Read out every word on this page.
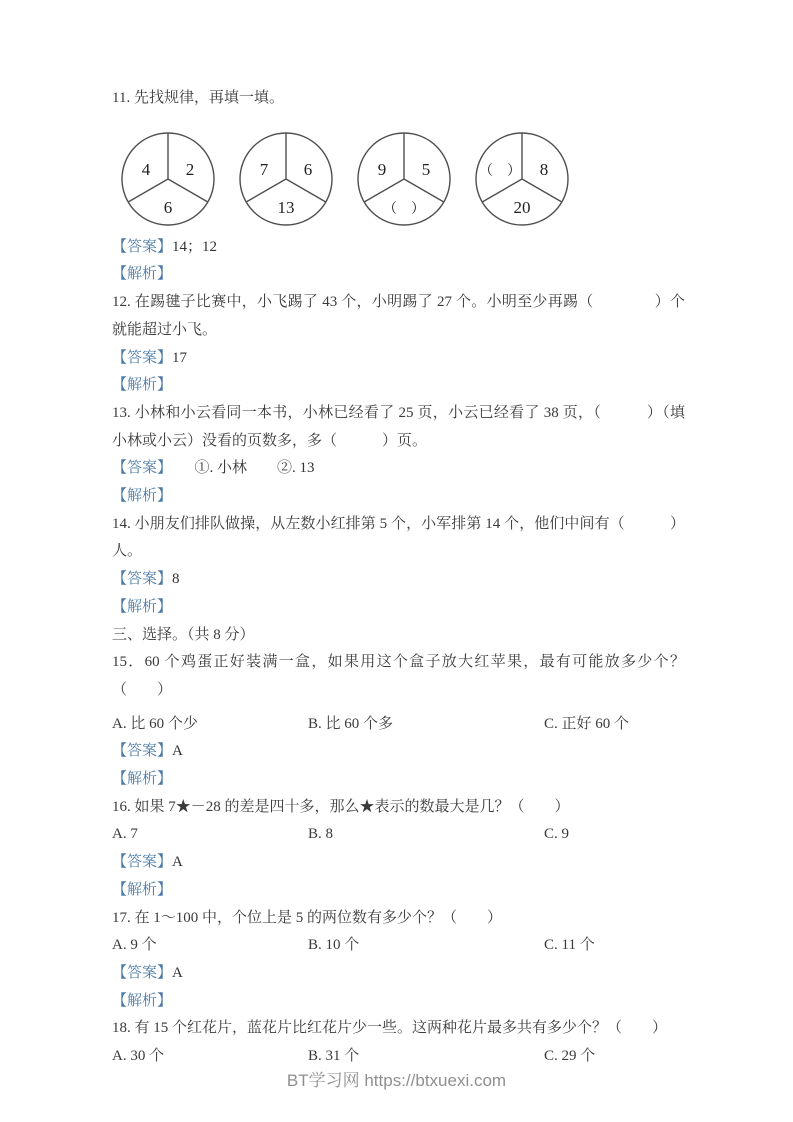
11. 先找规律，再填一填。

4 2
6
7 6
13
9 5
（　）
（　） 8
20

【答案】14；12

【解析】

12. 在踢毽子比赛中，小飞踢了 43 个，小明踢了 27 个。小明至少再踢（　　　　）个就能超过小飞。

【答案】17

【解析】

13. 小林和小云看同一本书，小林已经看了 25 页，小云已经看了 38 页，（　　　）（填小林或小云）没看的页数多，多（　　　）页。

【答案】　　①. 小林　　②. 13

【解析】

14. 小朋友们排队做操，从左数小红排第 5 个，小军排第 14 个，他们中间有（　　　）人。

【答案】8

【解析】

三、选择。（共 8 分）

15．60 个鸡蛋正好装满一盒，如果用这个盒子放大红苹果，最有可能放多少个？（　　）

A. 比 60 个少	B. 比 60 个多	C. 正好 60 个

【答案】A

【解析】

16. 如果 7★－28 的差是四十多，那么★表示的数最大是几？（　　）

A. 7	B. 8	C. 9

【答案】A

【解析】

17. 在 1～100 中，个位上是 5 的两位数有多少个？（　　）

A. 9 个	B. 10 个	C. 11 个

【答案】A

【解析】

18. 有 15 个红花片，蓝花片比红花片少一些。这两种花片最多共有多少个？（　　）

A. 30 个	B. 31 个	C. 29 个
BT学习网 https://btxuexi.com
